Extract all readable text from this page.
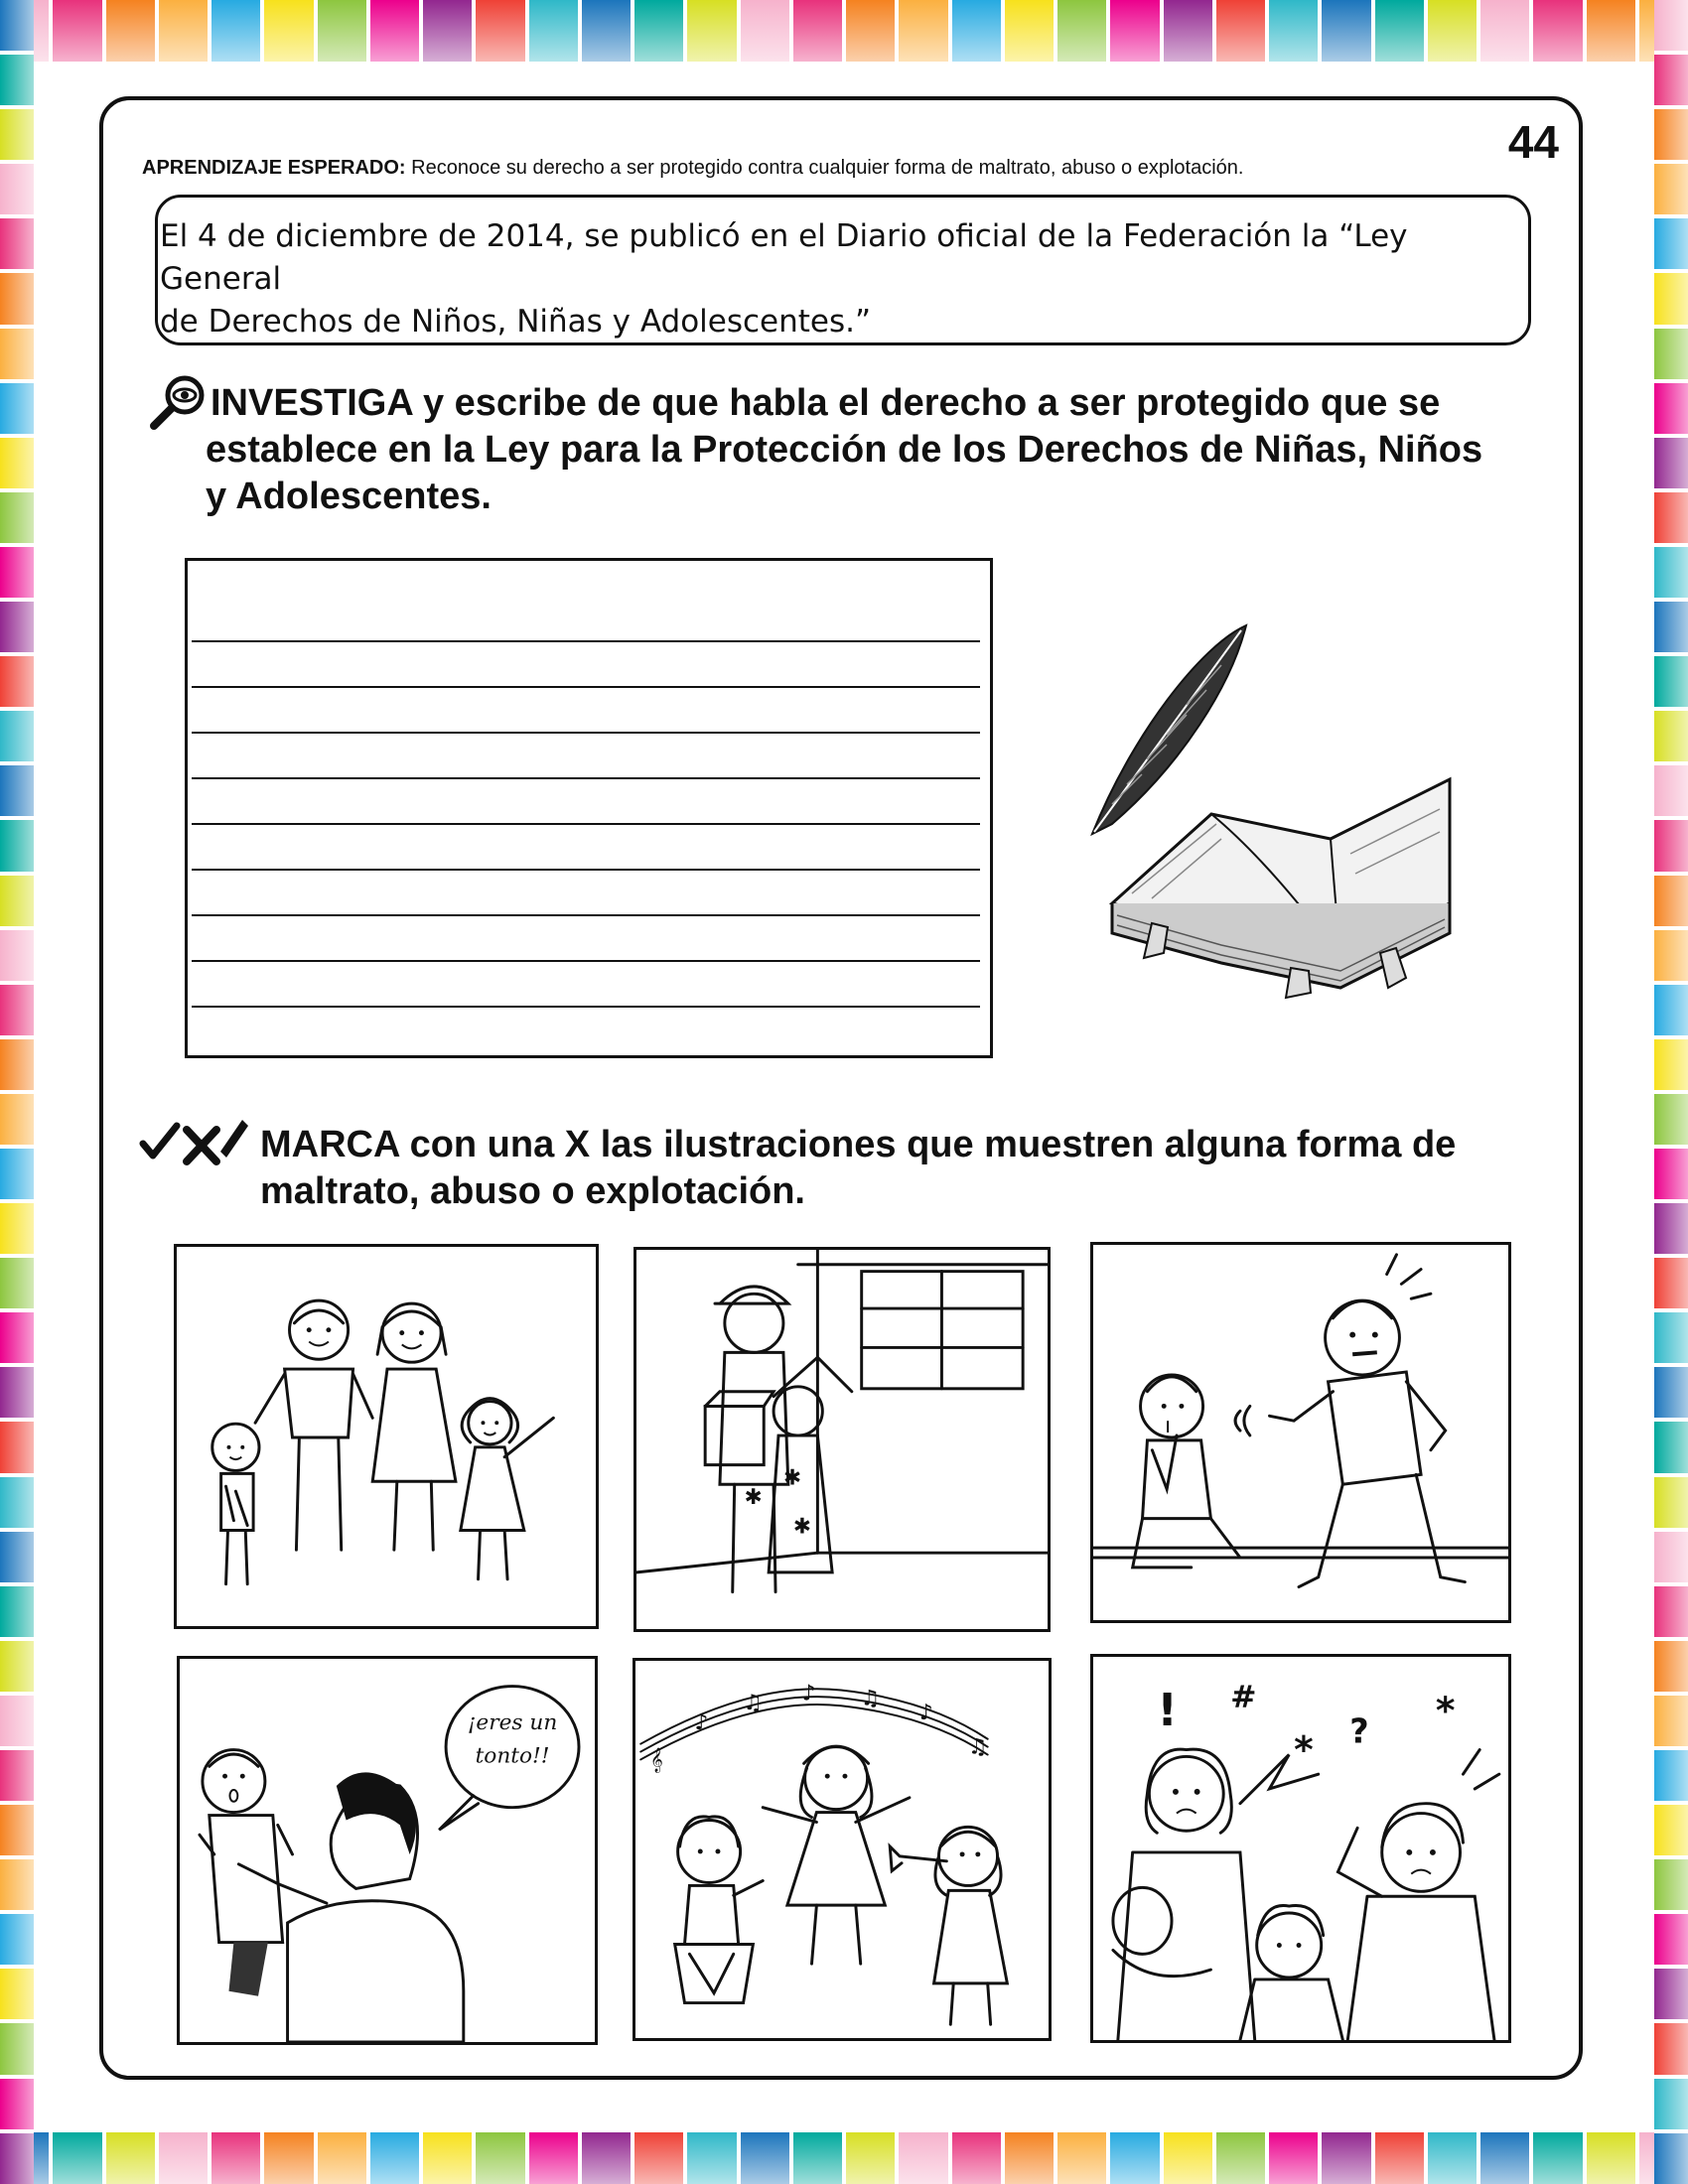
44
APRENDIZAJE ESPERADO: Reconoce su derecho a ser protegido contra cualquier forma de maltrato, abuso o explotación.
El 4 de diciembre de 2014, se publicó en el Diario oficial de la Federación la “Ley General
de Derechos de Niños, Niñas y Adolescentes.”
INVESTIGA y escribe de que habla el derecho a ser protegido que se
establece en la Ley para la Protección de los Derechos de Niñas, Niños
y Adolescentes.
MARCA con una X las ilustraciones que muestren alguna forma de
maltrato, abuso o explotación.
✱
✱
✱
¡eres un tonto!!	𝄞
♪
♫ ♪ ♫
♪
♫
! #
* ? *
